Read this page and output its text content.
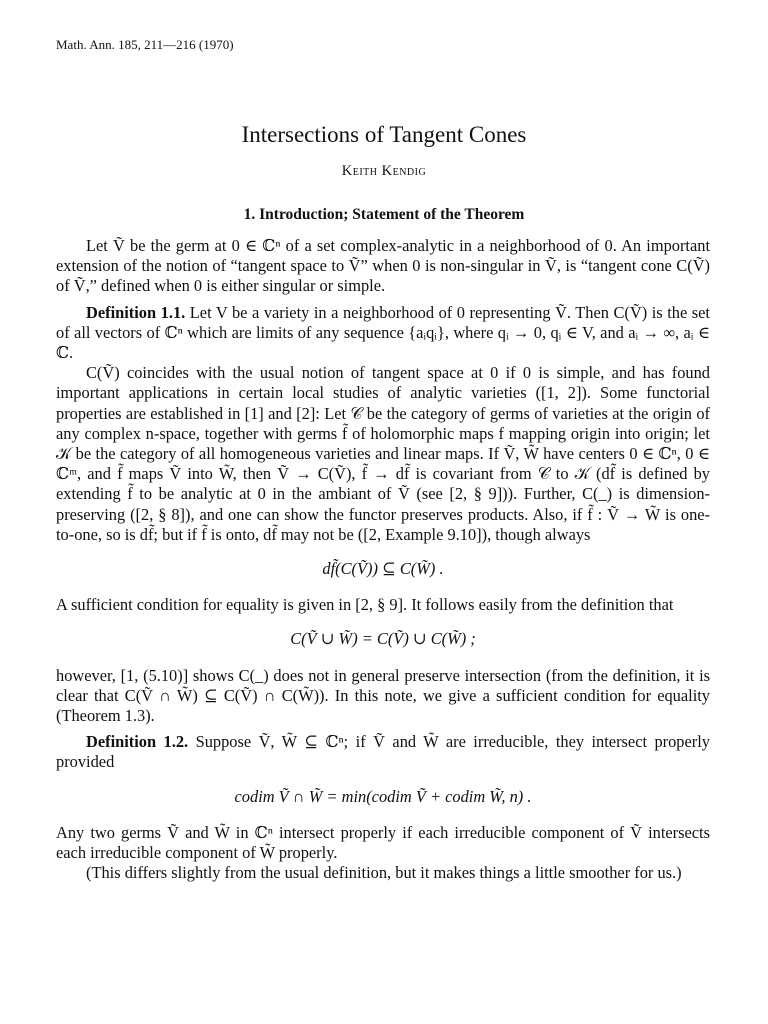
Math. Ann. 185, 211—216 (1970)
Intersections of Tangent Cones
Keith Kendig
1. Introduction; Statement of the Theorem

Let Ṽ be the germ at 0 ∈ ℂⁿ of a set complex-analytic in a neighborhood of 0. An important extension of the notion of “tangent space to Ṽ” when 0 is non-singular in Ṽ, is “tangent cone C(Ṽ) of Ṽ,” defined when 0 is either singular or simple.

Definition 1.1. Let V be a variety in a neighborhood of 0 representing Ṽ. Then C(Ṽ) is the set of all vectors of ℂⁿ which are limits of any sequence {aᵢqᵢ}, where qᵢ → 0, qᵢ ∈ V, and aᵢ → ∞, aᵢ ∈ ℂ.

C(Ṽ) coincides with the usual notion of tangent space at 0 if 0 is simple, and has found important applications in certain local studies of analytic varieties ([1, 2]). Some functorial properties are established in [1] and [2]: Let 𝒞 be the category of germs of varieties at the origin of any complex n-space, together with germs f̃ of holomorphic maps f mapping origin into origin; let 𝒦 be the category of all homogeneous varieties and linear maps. If Ṽ, W̃ have centers 0 ∈ ℂⁿ, 0 ∈ ℂᵐ, and f̃ maps Ṽ into W̃, then Ṽ → C(Ṽ), f̃ → df̃ is covariant from 𝒞 to 𝒦 (df̃ is defined by extending f̃ to be analytic at 0 in the ambiant of Ṽ (see [2, § 9])). Further, C(_) is dimension-preserving ([2, § 8]), and one can show the functor preserves products. Also, if f̃ : Ṽ → W̃ is one-to-one, so is df̃; but if f̃ is onto, df̃ may not be ([2, Example 9.10]), though always

df̃(C(Ṽ)) ⊆ C(W̃) .

A sufficient condition for equality is given in [2, § 9]. It follows easily from the definition that

C(Ṽ ∪ W̃) = C(Ṽ) ∪ C(W̃) ;

however, [1, (5.10)] shows C(_) does not in general preserve intersection (from the definition, it is clear that C(Ṽ ∩ W̃) ⊆ C(Ṽ) ∩ C(W̃)). In this note, we give a sufficient condition for equality (Theorem 1.3).

Definition 1.2. Suppose Ṽ, W̃ ⊆ ℂⁿ; if Ṽ and W̃ are irreducible, they intersect properly provided

codim Ṽ ∩ W̃ = min(codim Ṽ + codim W̃, n) .

Any two germs Ṽ and W̃ in ℂⁿ intersect properly if each irreducible component of Ṽ intersects each irreducible component of W̃ properly.

(This differs slightly from the usual definition, but it makes things a little smoother for us.)
